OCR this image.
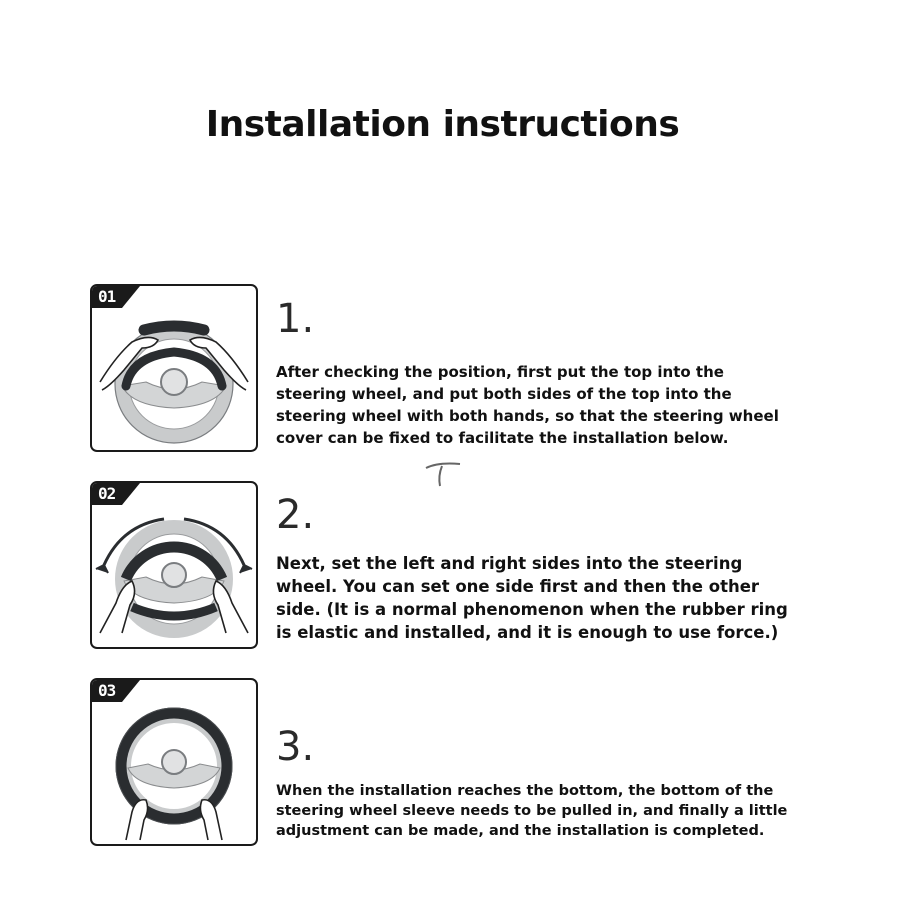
Installation instructions
01	1.
After checking the position, first put the top into the
steering wheel, and put both sides of the top into the
steering wheel with both hands, so that the steering wheel
cover can be fixed to facilitate the installation below.
02	2.
Next, set the left and right sides into the steering
wheel. You can set one side first and then the other
side. (It is a normal phenomenon when the rubber ring
is elastic and installed, and it is enough to use force.)
03
3.
When the installation reaches the bottom, the bottom of the
steering wheel sleeve needs to be pulled in, and finally a little
adjustment can be made, and the installation is completed.
